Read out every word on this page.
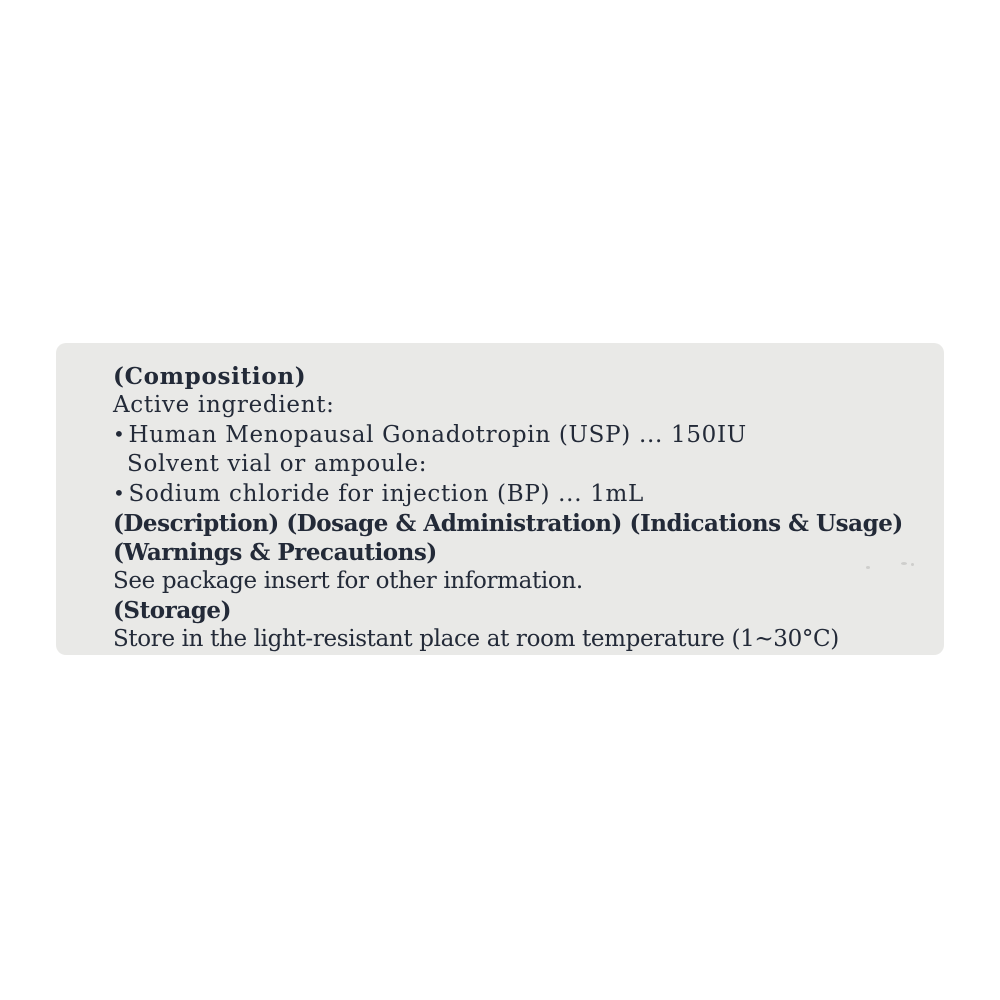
(Composition)
Active ingredient:
• Human Menopausal Gonadotropin (USP) ... 150IU
Solvent vial or ampoule:
• Sodium chloride for injection (BP) ... 1mL
(Description) (Dosage & Administration) (Indications & Usage)
(Warnings & Precautions)
See package insert for other information.
(Storage)
Store in the light-resistant place at room temperature (1~30°C)
